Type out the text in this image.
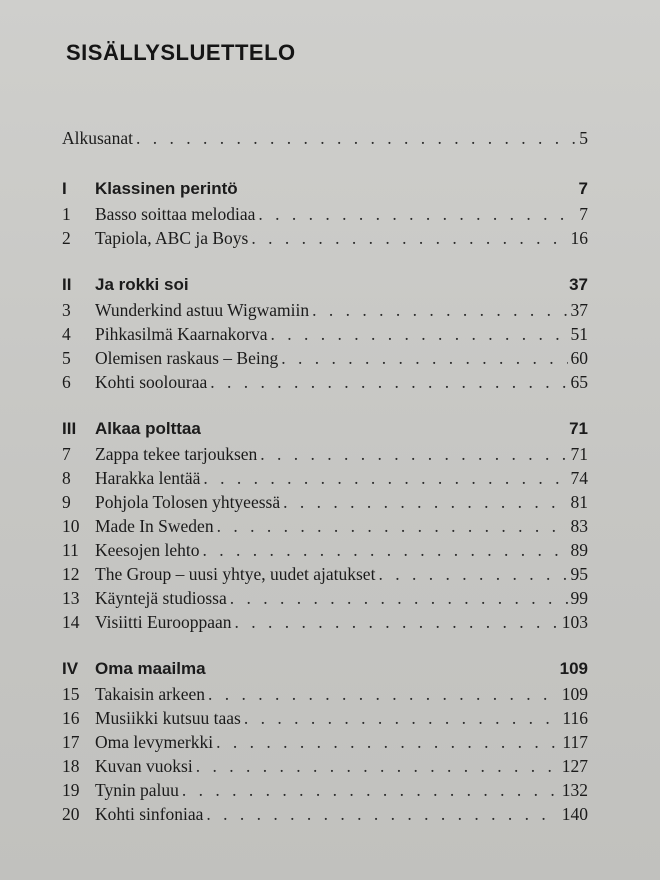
SISÄLLYSLUETTELO
Alkusanat . . .	5
I	Klassinen perintö	7
1	Basso soittaa melodiaa . . .	7
2	Tapiola, ABC ja Boys . . .	16
II	Ja rokki soi	37
3	Wunderkind astuu Wigwamiin . . .	37
4	Pihkasilmä Kaarnakorva . . .	51
5	Olemisen raskaus – Being . . .	60
6	Kohti soolouraa . . .	65
III	Alkaa polttaa	71
7	Zappa tekee tarjouksen . . .	71
8	Harakka lentää . . .	74
9	Pohjola Tolosen yhtyeessä . . .	81
10 Made In Sweden . . .	83
11 Keesojen lehto . . .	89
12 The Group – uusi yhtye, uudet ajatukset . . .	95
13 Käyntejä studiossa . . .	99
14 Visiitti Eurooppaan . . .	103
IV Oma maailma	109
15 Takaisin arkeen . . .	109
16 Musiikki kutsuu taas . . .	116
17 Oma levymerkki . . .	117
18 Kuvan vuoksi . . .	127
19 Tynin paluu . . .	132
20 Kohti sinfoniaa . . .	140
